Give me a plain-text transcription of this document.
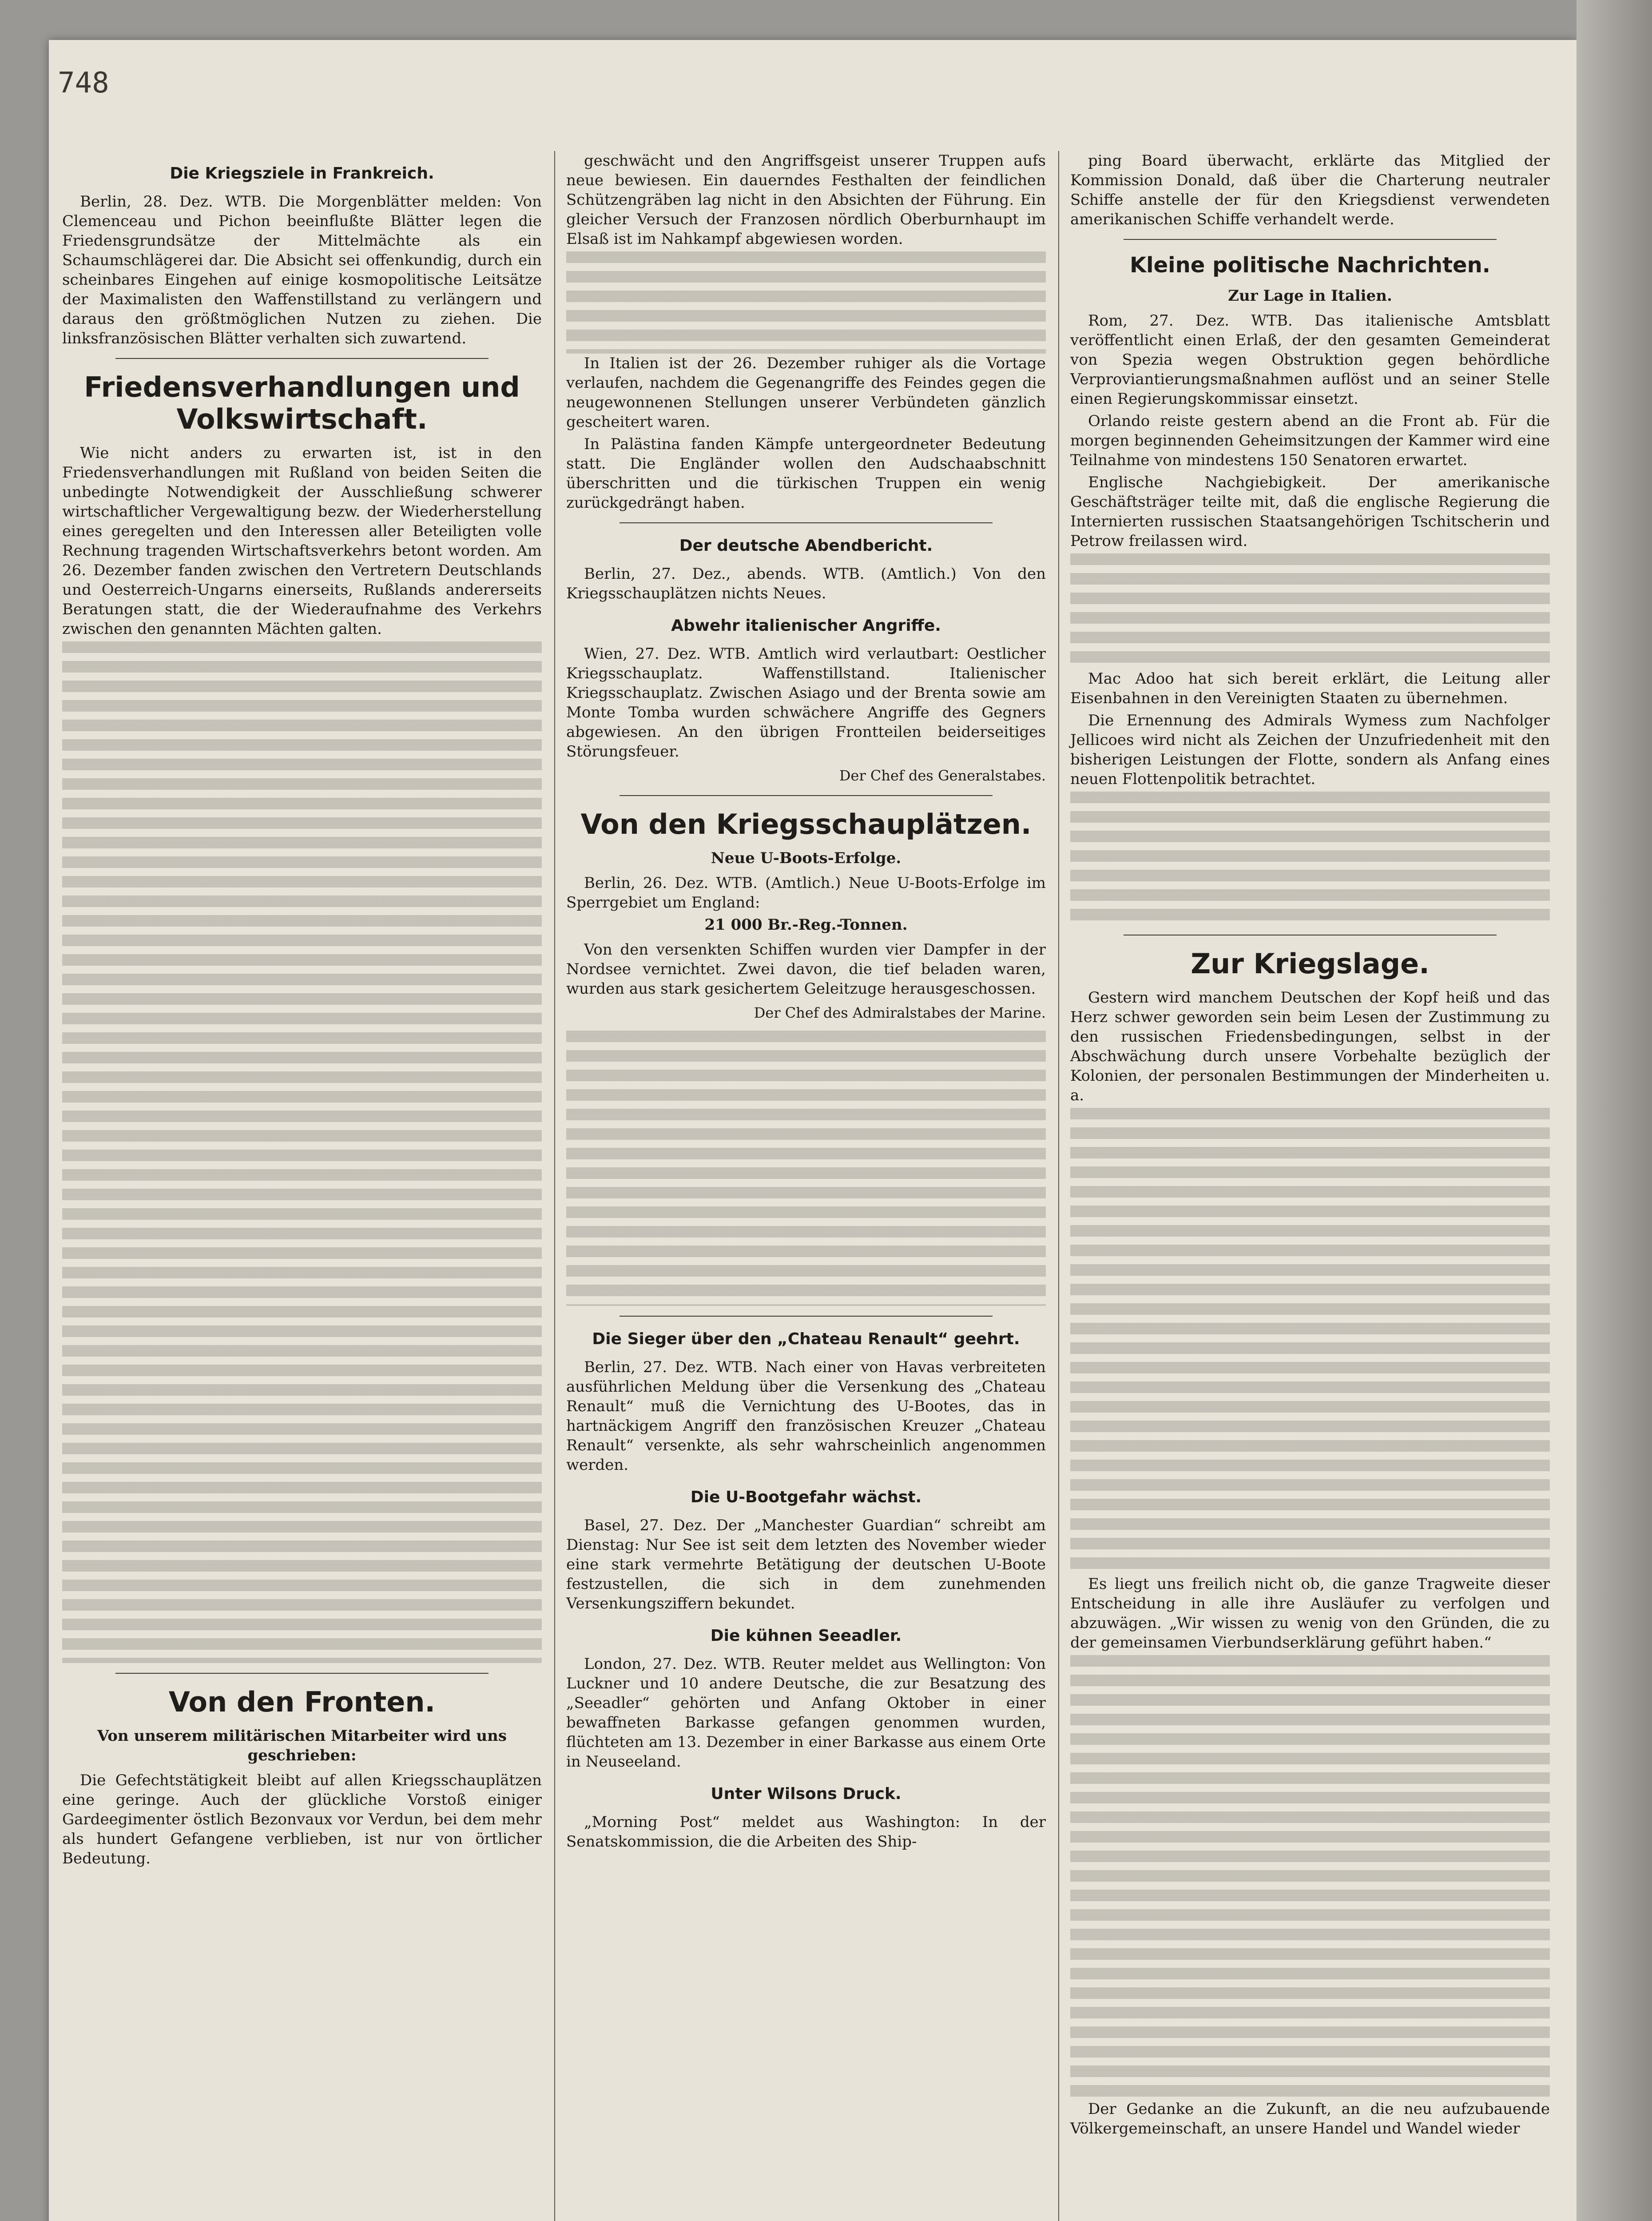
748
Die Kriegsziele in Frankreich.

Berlin, 28. Dez. WTB. Die Morgenblätter melden: Von Clemenceau und Pichon beeinflußte Blätter legen die Friedensgrundsätze der Mittelmächte als ein Schaumschlägerei dar. Die Absicht sei offenkundig, durch ein scheinbares Eingehen auf einige kosmopolitische Leitsätze der Maximalisten den Waffenstillstand zu verlängern und daraus den größtmöglichen Nutzen zu ziehen. Die linksfranzösischen Blätter verhalten sich zuwartend.

Friedensverhandlungen und Volkswirtschaft.

Wie nicht anders zu erwarten ist, ist in den Friedensverhandlungen mit Rußland von beiden Seiten die unbedingte Notwendigkeit der Ausschließung schwerer wirtschaftlicher Vergewaltigung bezw. der Wiederherstellung eines geregelten und den Interessen aller Beteiligten volle Rechnung tragenden Wirtschaftsverkehrs betont worden. Am 26. Dezember fanden zwischen den Vertretern Deutschlands und Oesterreich-Ungarns einerseits, Rußlands andererseits Beratungen statt, die der Wiederaufnahme des Verkehrs zwischen den genannten Mächten galten.

Von den Fronten.
Von unserem militärischen Mitarbeiter wird uns geschrieben:

Die Gefechtstätigkeit bleibt auf allen Kriegsschauplätzen eine geringe. Auch der glückliche Vorstoß einiger Gardeegimenter östlich Bezonvaux vor Verdun, bei dem mehr als hundert Gefangene verblieben, ist nur von örtlicher Bedeutung.

geschwächt und den Angriffsgeist unserer Truppen aufs neue bewiesen. Ein dauerndes Festhalten der feindlichen Schützengräben lag nicht in den Absichten der Führung. Ein gleicher Versuch der Franzosen nördlich Oberburnhaupt im Elsaß ist im Nahkampf abgewiesen worden.

In Italien ist der 26. Dezember ruhiger als die Vortage verlaufen, nachdem die Gegenangriffe des Feindes gegen die neugewonnenen Stellungen unserer Verbündeten gänzlich gescheitert waren.

In Palästina fanden Kämpfe untergeordneter Bedeutung statt. Die Engländer wollen den Audschaabschnitt überschritten und die türkischen Truppen ein wenig zurückgedrängt haben.

Der deutsche Abendbericht.

Berlin, 27. Dez., abends. WTB. (Amtlich.) Von den Kriegsschauplätzen nichts Neues.

Abwehr italienischer Angriffe.

Wien, 27. Dez. WTB. Amtlich wird verlautbart: Oestlicher Kriegsschauplatz. Waffenstillstand. Italienischer Kriegsschauplatz. Zwischen Asiago und der Brenta sowie am Monte Tomba wurden schwächere Angriffe des Gegners abgewiesen. An den übrigen Frontteilen beiderseitiges Störungsfeuer.

Der Chef des Generalstabes.
Von den Kriegsschauplätzen.
Neue U-Boots-Erfolge.

Berlin, 26. Dez. WTB. (Amtlich.) Neue U-Boots-Erfolge im Sperrgebiet um England:

21 000 Br.-Reg.-Tonnen.

Von den versenkten Schiffen wurden vier Dampfer in der Nordsee vernichtet. Zwei davon, die tief beladen waren, wurden aus stark gesichertem Geleitzuge herausgeschossen.

Der Chef des Admiralstabes der Marine.
Die Sieger über den „Chateau Renault“ geehrt.

Berlin, 27. Dez. WTB. Nach einer von Havas verbreiteten ausführlichen Meldung über die Versenkung des „Chateau Renault“ muß die Vernichtung des U-Bootes, das in hartnäckigem Angriff den französischen Kreuzer „Chateau Renault“ versenkte, als sehr wahrscheinlich angenommen werden.

Die U-Bootgefahr wächst.

Basel, 27. Dez. Der „Manchester Guardian“ schreibt am Dienstag: Nur See ist seit dem letzten des November wieder eine stark vermehrte Betätigung der deutschen U-Boote festzustellen, die sich in dem zunehmenden Versenkungsziffern bekundet.

Die kühnen Seeadler.

London, 27. Dez. WTB. Reuter meldet aus Wellington: Von Luckner und 10 andere Deutsche, die zur Besatzung des „Seeadler“ gehörten und Anfang Oktober in einer bewaffneten Barkasse gefangen genommen wurden, flüchteten am 13. Dezember in einer Barkasse aus einem Orte in Neuseeland.

Unter Wilsons Druck.

„Morning Post“ meldet aus Washington: In der Senatskommission, die die Arbeiten des Ship-

ping Board überwacht, erklärte das Mitglied der Kommission Donald, daß über die Charterung neutraler Schiffe anstelle der für den Kriegsdienst verwendeten amerikanischen Schiffe verhandelt werde.

Kleine politische Nachrichten.
Zur Lage in Italien.

Rom, 27. Dez. WTB. Das italienische Amtsblatt veröffentlicht einen Erlaß, der den gesamten Gemeinderat von Spezia wegen Obstruktion gegen behördliche Verproviantierungsmaßnahmen auflöst und an seiner Stelle einen Regierungskommissar einsetzt.

Orlando reiste gestern abend an die Front ab. Für die morgen beginnenden Geheimsitzungen der Kammer wird eine Teilnahme von mindestens 150 Senatoren erwartet.

Englische Nachgiebigkeit. Der amerikanische Geschäftsträger teilte mit, daß die englische Regierung die Internierten russischen Staatsangehörigen Tschitscherin und Petrow freilassen wird.

Mac Adoo hat sich bereit erklärt, die Leitung aller Eisenbahnen in den Vereinigten Staaten zu übernehmen.

Die Ernennung des Admirals Wymess zum Nachfolger Jellicoes wird nicht als Zeichen der Unzufriedenheit mit den bisherigen Leistungen der Flotte, sondern als Anfang eines neuen Flottenpolitik betrachtet.

Zur Kriegslage.

Gestern wird manchem Deutschen der Kopf heiß und das Herz schwer geworden sein beim Lesen der Zustimmung zu den russischen Friedensbedingungen, selbst in der Abschwächung durch unsere Vorbehalte bezüglich der Kolonien, der personalen Bestimmungen der Minderheiten u. a.

Es liegt uns freilich nicht ob, die ganze Tragweite dieser Entscheidung in alle ihre Ausläufer zu verfolgen und abzuwägen. „Wir wissen zu wenig von den Gründen, die zu der gemeinsamen Vierbundserklärung geführt haben.“

Der Gedanke an die Zukunft, an die neu aufzubauende Völkergemeinschaft, an unsere Handel und Wandel wieder
